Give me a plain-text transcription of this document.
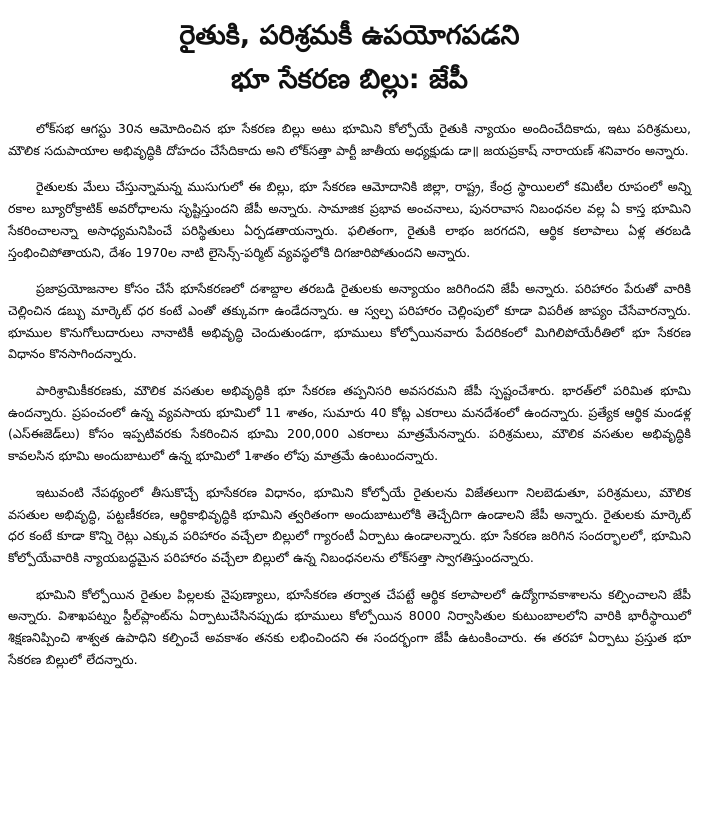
రైతుకి, పరిశ్రమకీ ఉపయోగపడని
భూ సేకరణ బిల్లు: జేపీ

లోక్‌సభ ఆగస్టు 30న ఆమోదించిన భూ సేకరణ బిల్లు అటు భూమిని కోల్పోయే రైతుకి న్యాయం అందించేదికాదు, ఇటు పరిశ్రమలు, మౌలిక సదుపాయాల అభివృద్ధికి దోహదం చేసేదికాదు అని లోక్‌సత్తా పార్టీ జాతీయ అధ్యక్షుడు డా॥ జయప్రకాష్ నారాయణ్ శనివారం అన్నారు.

రైతులకు మేలు చేస్తున్నామన్న ముసుగులో ఈ బిల్లు, భూ సేకరణ ఆమోదానికి జిల్లా, రాష్ట్ర, కేంద్ర స్థాయిలలో కమిటీల రూపంలో అన్ని రకాల బ్యూరోక్రాటిక్ అవరోధాలను సృష్టిస్తుందని జేపీ అన్నారు. సామాజిక ప్రభావ అంచనాలు, పునరావాస నిబంధనల వల్ల ఏ కాస్త భూమిని సేకరించాలన్నా అసాధ్యమనిపించే పరిస్థితులు ఏర్పడతాయన్నారు. ఫలితంగా, రైతుకి లాభం జరగదని, ఆర్థిక కలాపాలు ఏళ్ల తరబడి స్తంభించిపోతాయని, దేశం 1970ల నాటి లైసెన్స్-పర్మిట్ వ్యవస్థలోకి దిగజారిపోతుందని అన్నారు.

ప్రజాప్రయోజనాల కోసం చేసే భూసేకరణలో దశాబ్దాల తరబడి రైతులకు అన్యాయం జరిగిందని జేపీ అన్నారు. పరిహారం పేరుతో వారికి చెల్లించిన డబ్బు మార్కెట్ ధర కంటే ఎంతో తక్కువగా ఉండేదన్నారు. ఆ స్వల్ప పరిహారం చెల్లింపులో కూడా విపరీత జాప్యం చేసేవారన్నారు. భూముల కొనుగోలుదారులు నానాటికీ అభివృద్ధి చెందుతుండగా, భూములు కోల్పోయినవారు పేదరికంలో మిగిలిపోయేరీతిలో భూ సేకరణ విధానం కొనసాగిందన్నారు.

పారిశ్రామికీకరణకు, మౌలిక వసతుల అభివృద్ధికి భూ సేకరణ తప్పనిసరి అవసరమని జేపీ స్పష్టంచేశారు. భారత్‌లో పరిమిత భూమి ఉందన్నారు. ప్రపంచంలో ఉన్న వ్యవసాయ భూమిలో 11 శాతం, సుమారు 40 కోట్ల ఎకరాలు మనదేశంలో ఉందన్నారు. ప్రత్యేక ఆర్థిక మండళ్ల (ఎస్ఈజెడ్‌లు) కోసం ఇప్పటివరకు సేకరించిన భూమి 200,000 ఎకరాలు మాత్రమేనన్నారు. పరిశ్రమలు, మౌలిక వసతుల అభివృద్ధికి కావలసిన భూమి అందుబాటులో ఉన్న భూమిలో 1శాతం లోపు మాత్రమే ఉంటుందన్నారు.

ఇటువంటి నేపథ్యంలో తీసుకొచ్చే భూసేకరణ విధానం, భూమిని కోల్పోయే రైతులను విజేతలుగా నిలబెడుతూ, పరిశ్రమలు, మౌలిక వసతుల అభివృద్ధి, పట్టణీకరణ, ఆర్థికాభివృద్ధికి భూమిని త్వరితంగా అందుబాటులోకి తెచ్చేదిగా ఉండాలని జేపీ అన్నారు. రైతులకు మార్కెట్ ధర కంటే కూడా కొన్ని రెట్లు ఎక్కువ పరిహారం వచ్చేలా బిల్లులో గ్యారంటీ ఏర్పాటు ఉండాలన్నారు. భూ సేకరణ జరిగిన సందర్భాలలో, భూమిని కోల్పోయేవారికి న్యాయబద్ధమైన పరిహారం వచ్చేలా బిల్లులో ఉన్న నిబంధనలను లోక్‌సత్తా స్వాగతిస్తుందన్నారు.

భూమిని కోల్పోయిన రైతుల పిల్లలకు నైపుణ్యాలు, భూసేకరణ తర్వాత చేపట్టే ఆర్థిక కలాపాలలో ఉద్యోగావకాశాలను కల్పించాలని జేపీ అన్నారు. విశాఖపట్నం స్టీల్‌ప్లాంట్‌ను ఏర్పాటుచేసినప్పుడు భూములు కోల్పోయిన 8000 నిర్వాసితుల కుటుంబాలలోని వారికి భారీస్థాయిలో శిక్షణనిప్పించి శాశ్వత ఉపాధిని కల్పించే అవకాశం తనకు లభించిందని ఈ సందర్భంగా జేపీ ఉటంకించారు. ఈ తరహా ఏర్పాటు ప్రస్తుత భూ సేకరణ బిల్లులో లేదన్నారు.
